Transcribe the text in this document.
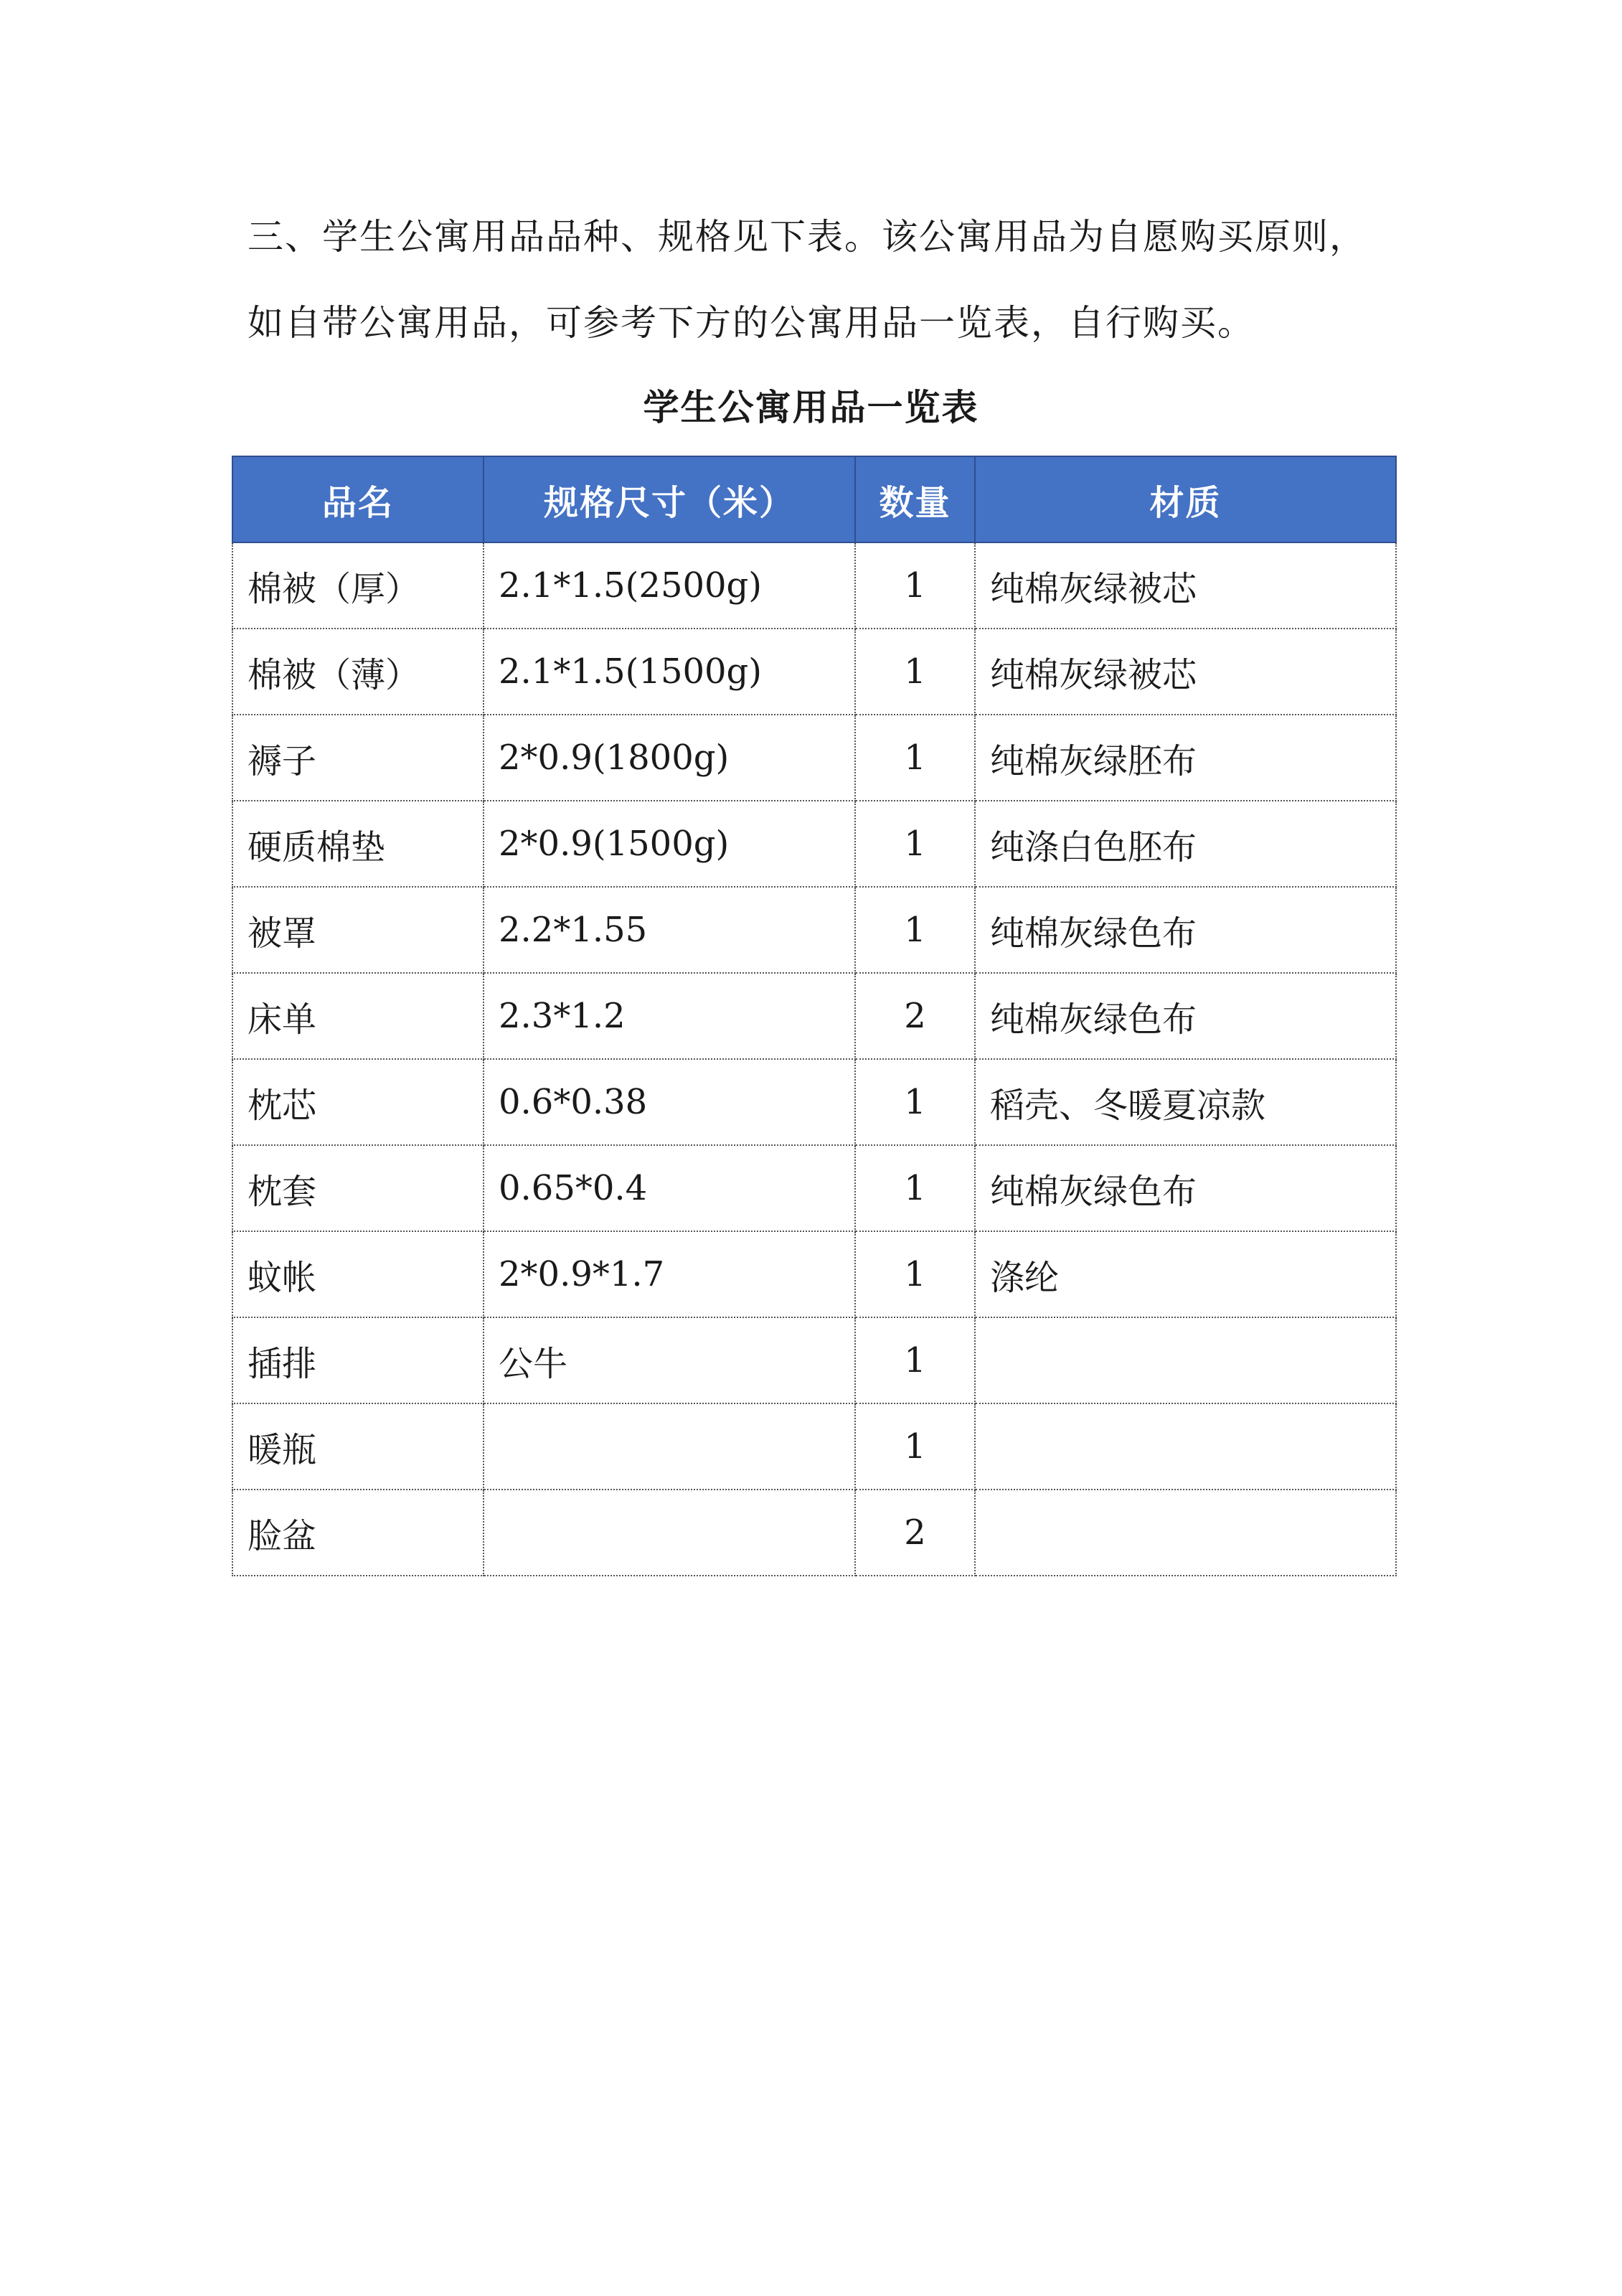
三、学生公寓用品品种、规格见下表。该公寓用品为自愿购买原则，
如自带公寓用品，可参考下方的公寓用品一览表，自行购买。
学生公寓用品一览表
品名	规格尺寸（米）	数量	材质
棉被（厚）	2.1*1.5(2500g)	1	纯棉灰绿被芯
棉被（薄）	2.1*1.5(1500g)	1	纯棉灰绿被芯
褥子	2*0.9(1800g)	1	纯棉灰绿胚布
硬质棉垫	2*0.9(1500g)	1	纯涤白色胚布
被罩	2.2*1.55	1	纯棉灰绿色布
床单	2.3*1.2	2	纯棉灰绿色布
枕芯	0.6*0.38	1	稻壳、冬暖夏凉款
枕套	0.65*0.4	1	纯棉灰绿色布
蚊帐	2*0.9*1.7	1	涤纶
插排	公牛	1	
暖瓶		1	
脸盆		2	
